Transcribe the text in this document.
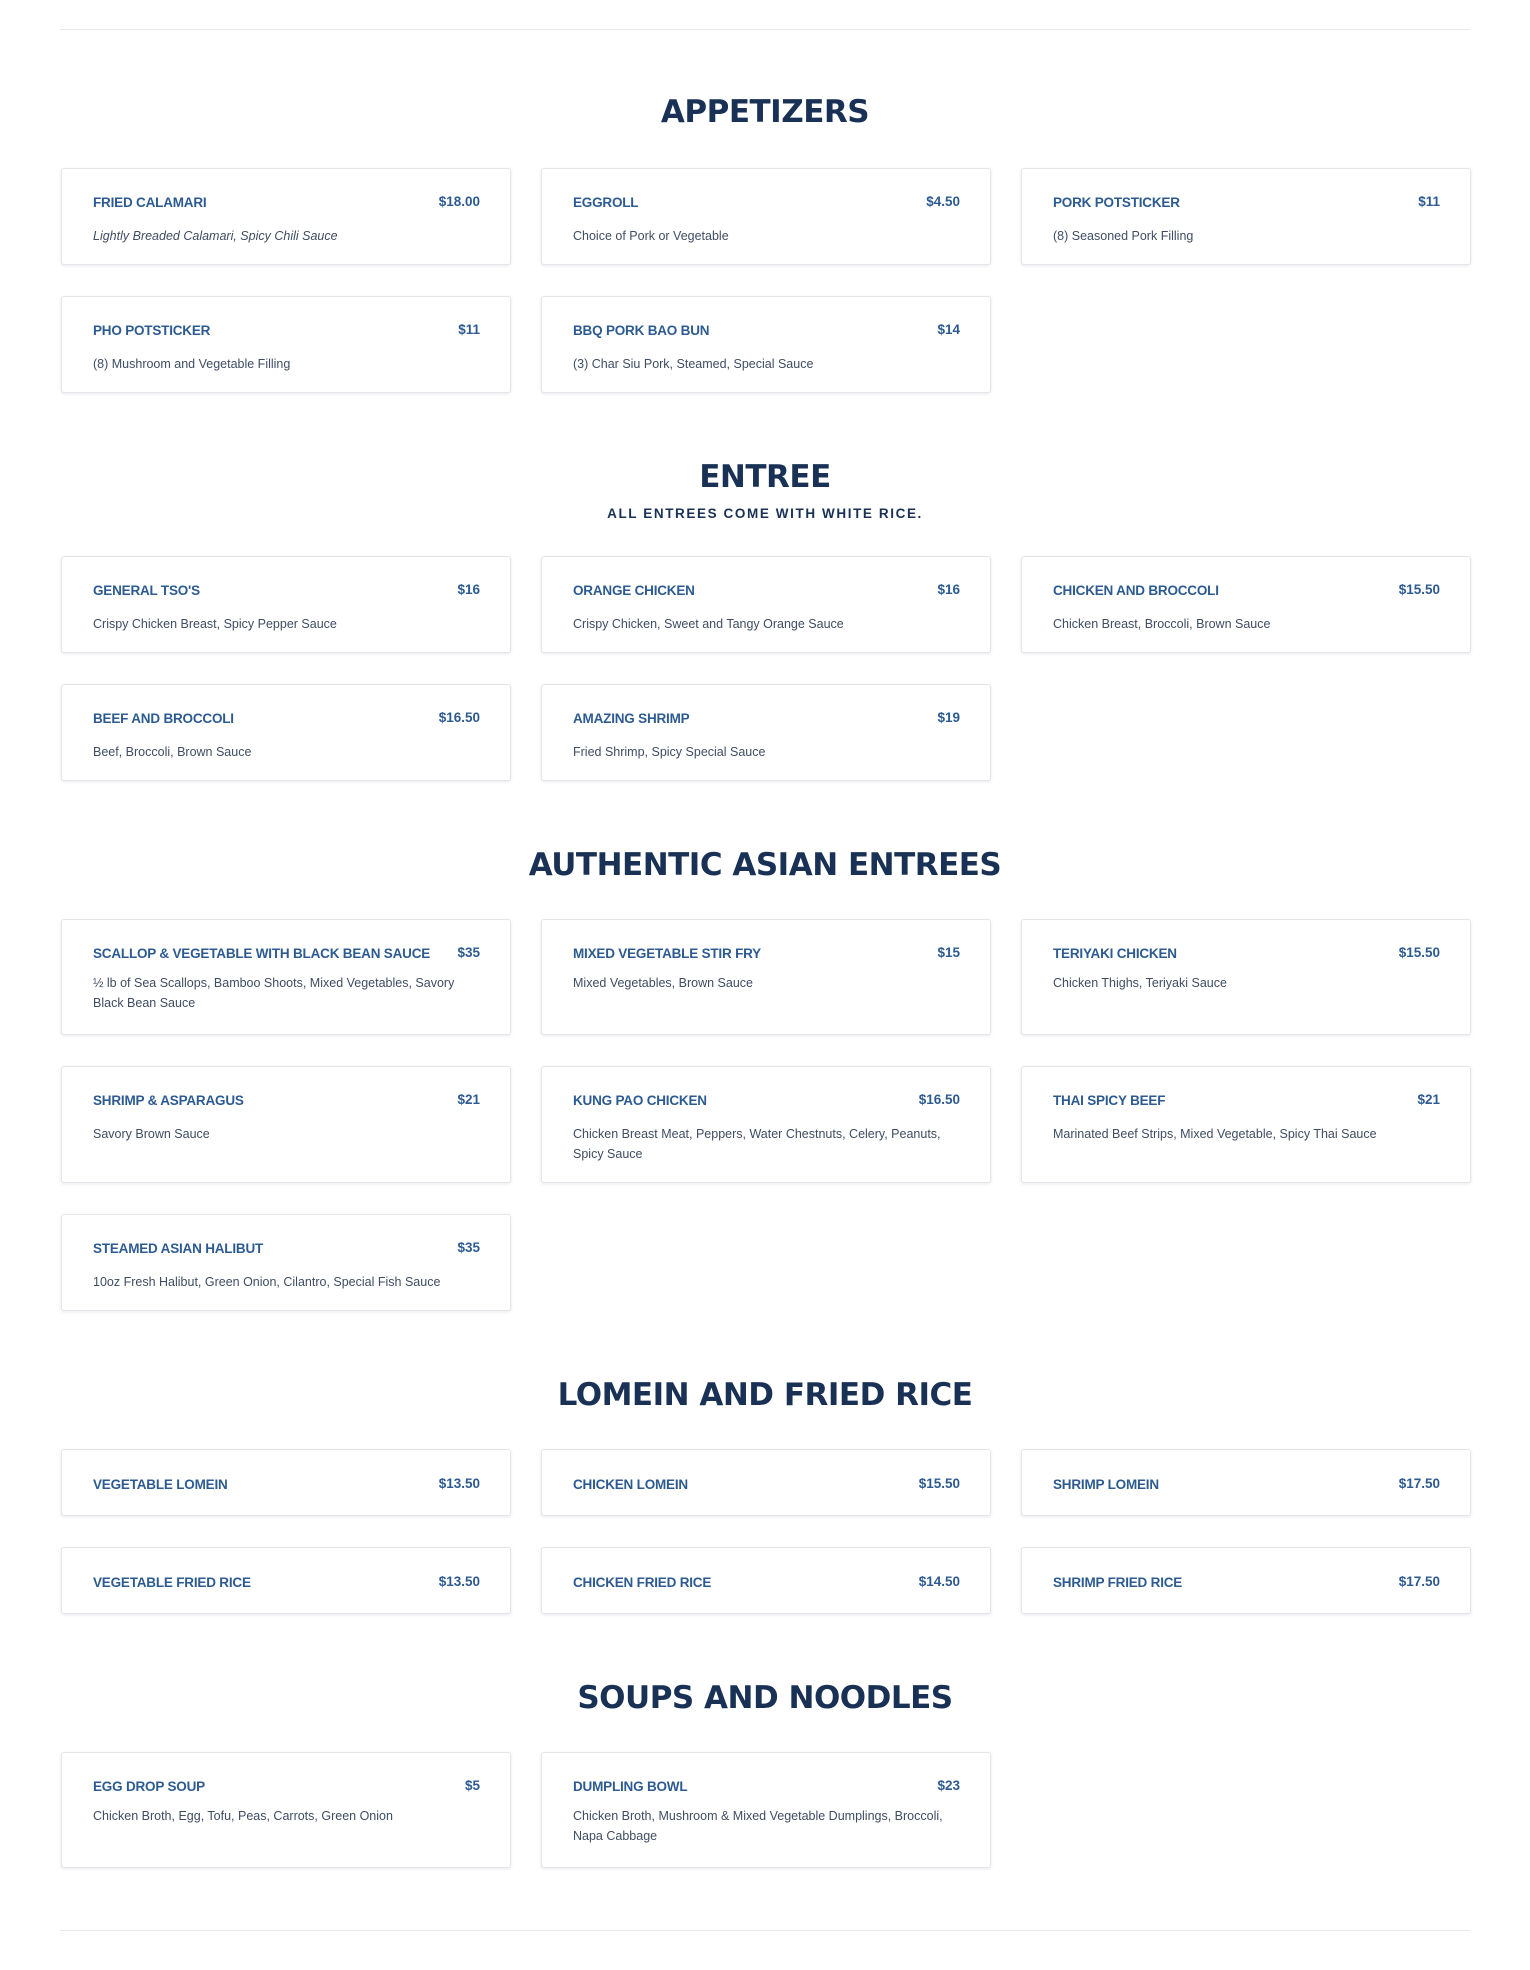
APPETIZERS
FRIED CALAMARI	$18.00
Lightly Breaded Calamari, Spicy Chili Sauce
EGGROLL	$4.50
Choice of Pork or Vegetable
PORK POTSTICKER	$11
(8) Seasoned Pork Filling
PHO POTSTICKER	$11
(8) Mushroom and Vegetable Filling
BBQ PORK BAO BUN	$14
(3) Char Siu Pork, Steamed, Special Sauce
ENTREE
ALL ENTREES COME WITH WHITE RICE.
GENERAL TSO'S	$16
Crispy Chicken Breast, Spicy Pepper Sauce
ORANGE CHICKEN	$16
Crispy Chicken, Sweet and Tangy Orange Sauce
CHICKEN AND BROCCOLI	$15.50
Chicken Breast, Broccoli, Brown Sauce
BEEF AND BROCCOLI	$16.50
Beef, Broccoli, Brown Sauce
AMAZING SHRIMP	$19
Fried Shrimp, Spicy Special Sauce
AUTHENTIC ASIAN ENTREES
SCALLOP & VEGETABLE WITH BLACK BEAN SAUCE $35
½ lb of Sea Scallops, Bamboo Shoots, Mixed Vegetables, Savory Black Bean Sauce
MIXED VEGETABLE STIR FRY	$15
Mixed Vegetables, Brown Sauce
TERIYAKI CHICKEN	$15.50
Chicken Thighs, Teriyaki Sauce
SHRIMP & ASPARAGUS	$21
Savory Brown Sauce
KUNG PAO CHICKEN	$16.50
Chicken Breast Meat, Peppers, Water Chestnuts, Celery, Peanuts, Spicy Sauce
THAI SPICY BEEF	$21
Marinated Beef Strips, Mixed Vegetable, Spicy Thai Sauce
STEAMED ASIAN HALIBUT	$35
10oz Fresh Halibut, Green Onion, Cilantro, Special Fish Sauce
LOMEIN AND FRIED RICE
VEGETABLE LOMEIN	$13.50	CHICKEN LOMEIN	$15.50	SHRIMP LOMEIN	$17.50
VEGETABLE FRIED RICE	$13.50	CHICKEN FRIED RICE	$14.50	SHRIMP FRIED RICE	$17.50
SOUPS AND NOODLES
EGG DROP SOUP	$5
Chicken Broth, Egg, Tofu, Peas, Carrots, Green Onion
DUMPLING BOWL	$23
Chicken Broth, Mushroom & Mixed Vegetable Dumplings, Broccoli, Napa Cabbage
